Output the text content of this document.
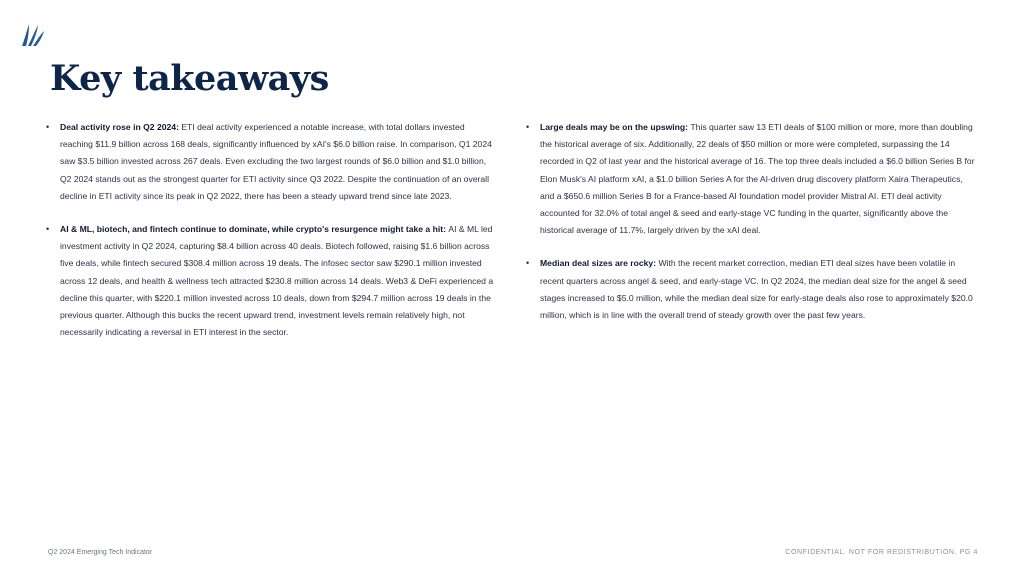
Key takeaways
• Deal activity rose in Q2 2024: ETI deal activity experienced a notable increase, with total dollars invested reaching $11.9 billion across 168 deals, significantly influenced by xAI's $6.0 billion raise. In comparison, Q1 2024 saw $3.5 billion invested across 267 deals. Even excluding the two largest rounds of $6.0 billion and $1.0 billion, Q2 2024 stands out as the strongest quarter for ETI activity since Q3 2022. Despite the continuation of an overall decline in ETI activity since its peak in Q2 2022, there has been a steady upward trend since late 2023.
• AI & ML, biotech, and fintech continue to dominate, while crypto's resurgence might take a hit: AI & ML led investment activity in Q2 2024, capturing $8.4 billion across 40 deals. Biotech followed, raising $1.6 billion across five deals, while fintech secured $308.4 million across 19 deals. The infosec sector saw $290.1 million invested across 12 deals, and health & wellness tech attracted $230.8 million across 14 deals. Web3 & DeFi experienced a decline this quarter, with $220.1 million invested across 10 deals, down from $294.7 million across 19 deals in the previous quarter. Although this bucks the recent upward trend, investment levels remain relatively high, not necessarily indicating a reversal in ETI interest in the sector.
• Large deals may be on the upswing: This quarter saw 13 ETI deals of $100 million or more, more than doubling the historical average of six. Additionally, 22 deals of $50 million or more were completed, surpassing the 14 recorded in Q2 of last year and the historical average of 16. The top three deals included a $6.0 billion Series B for Elon Musk's AI platform xAI, a $1.0 billion Series A for the AI-driven drug discovery platform Xaira Therapeutics, and a $650.6 million Series B for a France-based AI foundation model provider Mistral AI. ETI deal activity accounted for 32.0% of total angel & seed and early-stage VC funding in the quarter, significantly above the historical average of 11.7%, largely driven by the xAI deal.
• Median deal sizes are rocky: With the recent market correction, median ETI deal sizes have been volatile in recent quarters across angel & seed, and early-stage VC. In Q2 2024, the median deal size for the angel & seed stages increased to $5.0 million, while the median deal size for early-stage deals also rose to approximately $20.0 million, which is in line with the overall trend of steady growth over the past few years.
Q2 2024 Emerging Tech Indicator	CONFIDENTIAL. NOT FOR REDISTRIBUTION. PG 4
